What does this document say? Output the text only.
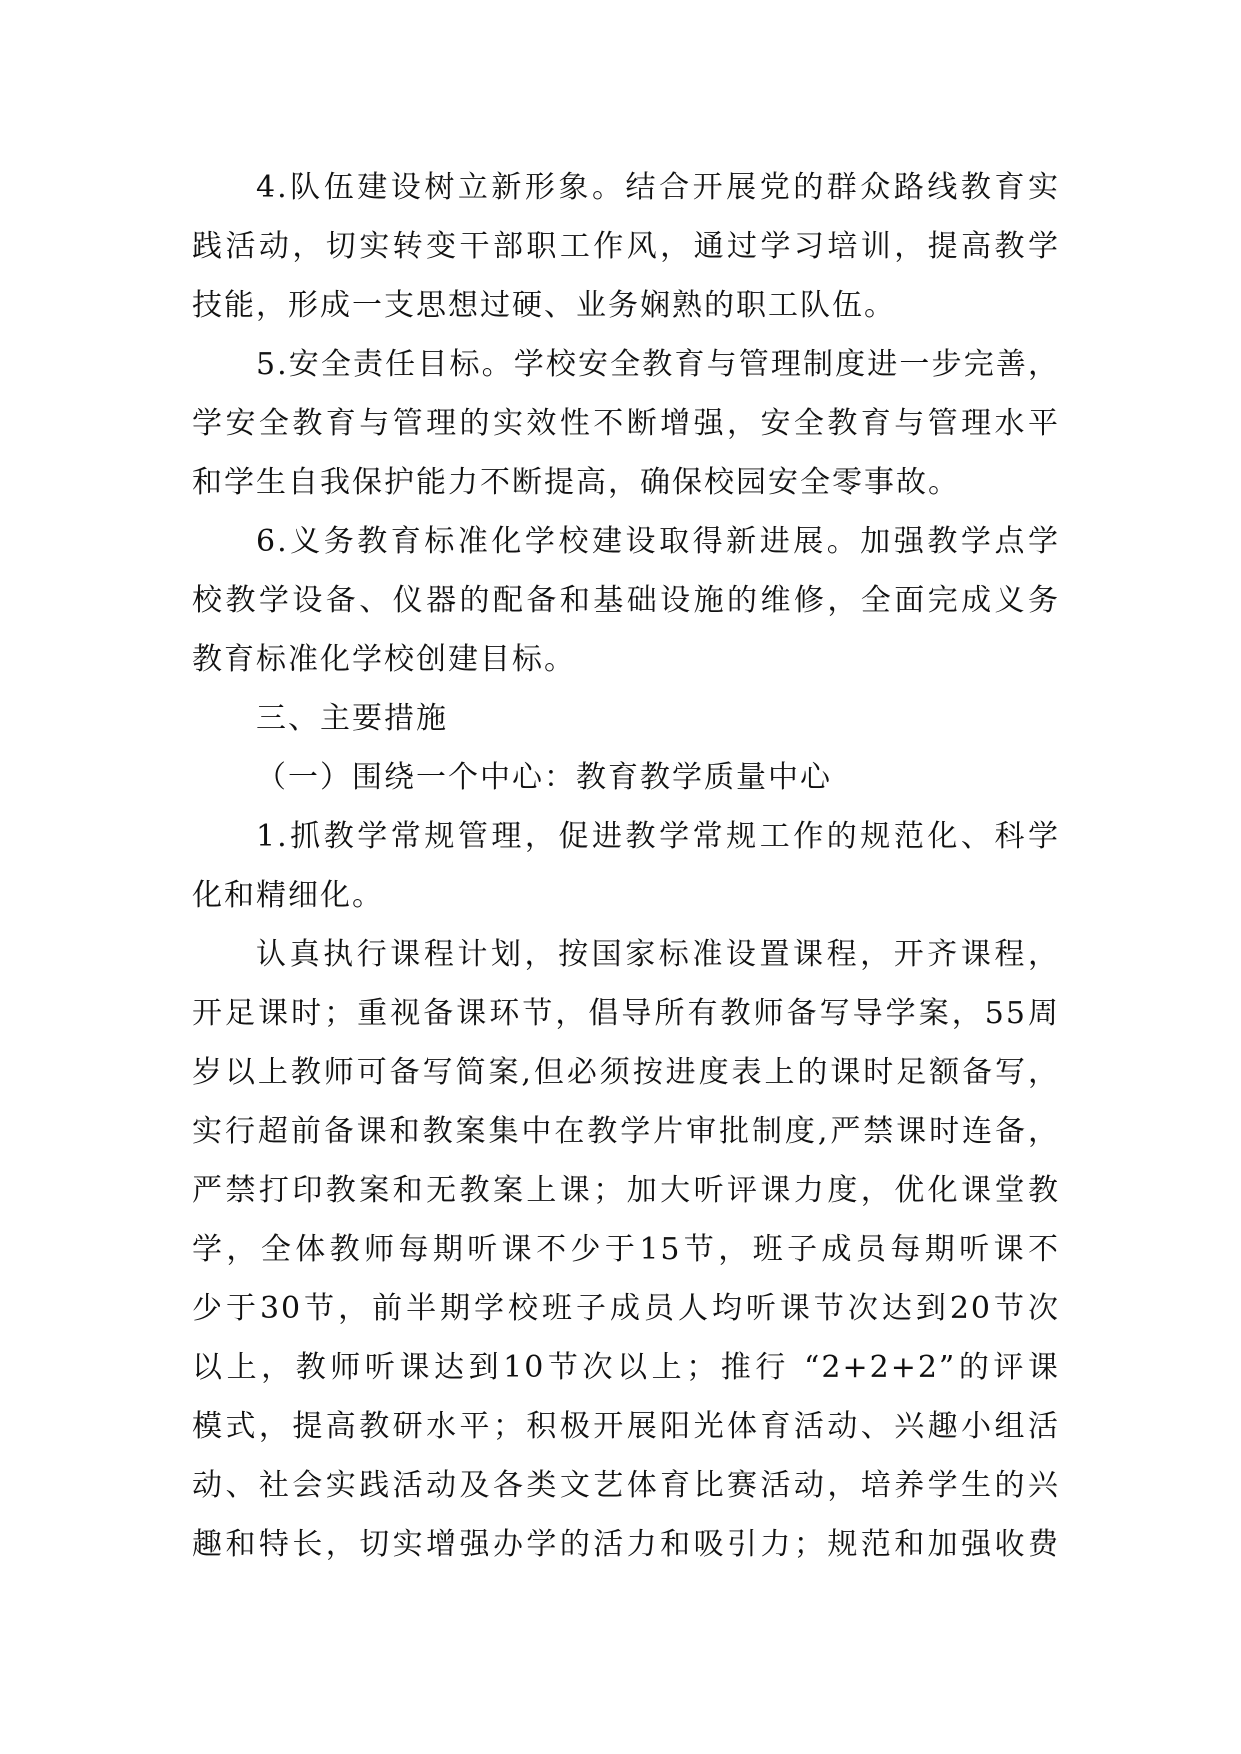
4.队伍建设树立新形象。结合开展党的群众路线教育实
践活动，切实转变干部职工作风，通过学习培训，提高教学
技能，形成一支思想过硬、业务娴熟的职工队伍。
5.安全责任目标。学校安全教育与管理制度进一步完善，
学安全教育与管理的实效性不断增强，安全教育与管理水平
和学生自我保护能力不断提高，确保校园安全零事故。
6.义务教育标准化学校建设取得新进展。加强教学点学
校教学设备、仪器的配备和基础设施的维修，全面完成义务
教育标准化学校创建目标。
三、主要措施
（一）围绕一个中心：教育教学质量中心
1.抓教学常规管理，促进教学常规工作的规范化、科学
化和精细化。
认真执行课程计划，按国家标准设置课程，开齐课程，
开足课时；重视备课环节，倡导所有教师备写导学案，55周
岁以上教师可备写简案,但必须按进度表上的课时足额备写，
实行超前备课和教案集中在教学片审批制度,严禁课时连备，
严禁打印教案和无教案上课；加大听评课力度，优化课堂教
学，全体教师每期听课不少于15节，班子成员每期听课不
少于30节，前半期学校班子成员人均听课节次达到20节次
以上，教师听课达到10节次以上；推行 “2+2+2”的评课
模式，提高教研水平；积极开展阳光体育活动、兴趣小组活
动、社会实践活动及各类文艺体育比赛活动，培养学生的兴
趣和特长，切实增强办学的活力和吸引力；规范和加强收费
